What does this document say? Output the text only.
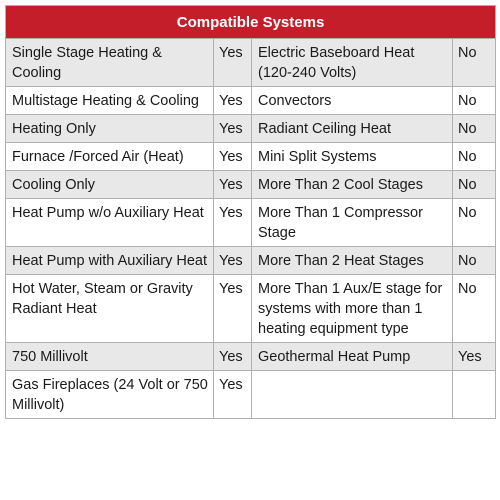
Compatible Systems			
Single Stage Heating & Cooling	Yes	Electric Baseboard Heat (120-240 Volts)	No
Multistage Heating & Cooling	Yes	Convectors	No
Heating Only	Yes	Radiant Ceiling Heat	No
Furnace /Forced Air (Heat)	Yes	Mini Split Systems	No
Cooling Only	Yes	More Than 2 Cool Stages	No
Heat Pump w/o Auxiliary Heat	Yes	More Than 1 Compressor Stage	No
Heat Pump with Auxiliary Heat	Yes	More Than 2 Heat Stages	No
Hot Water, Steam or Gravity Radiant Heat	Yes	More Than 1 Aux/E stage for systems with more than 1 heating equipment type	No
750 Millivolt	Yes	Geothermal Heat Pump	Yes
Gas Fireplaces (24 Volt or 750 Millivolt)	Yes		
